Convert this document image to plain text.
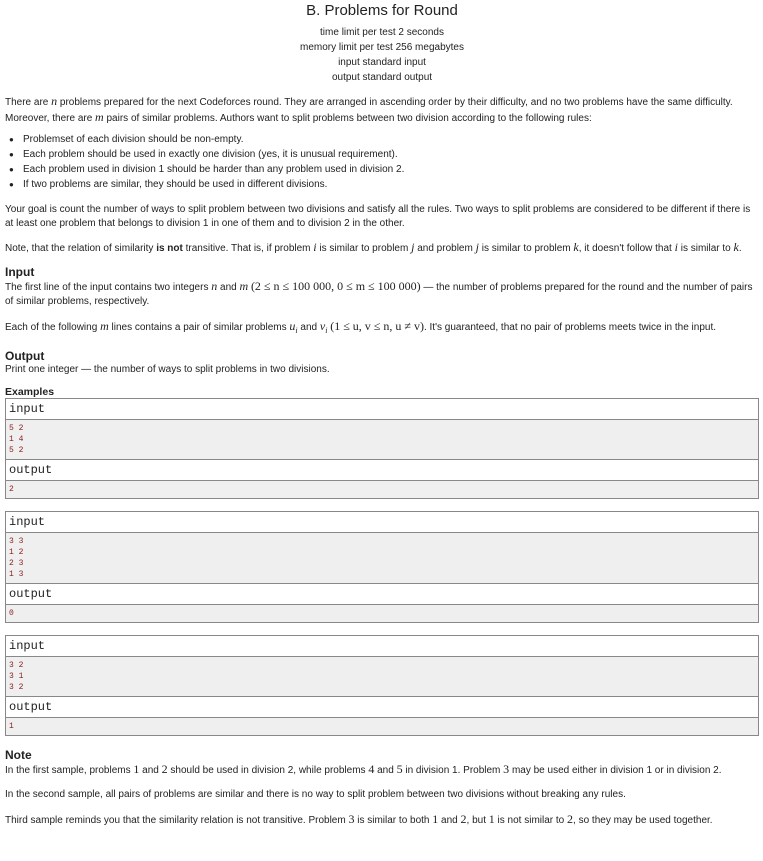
B. Problems for Round
time limit per test 2 seconds
memory limit per test 256 megabytes
input standard input
output standard output

There are n problems prepared for the next Codeforces round. They are arranged in ascending order by their difficulty, and no two problems have the same difficulty. Moreover, there are m pairs of similar problems. Authors want to split problems between two division according to the following rules:

● Problemset of each division should be non-empty.
● Each problem should be used in exactly one division (yes, it is unusual requirement).
● Each problem used in division 1 should be harder than any problem used in division 2.
● If two problems are similar, they should be used in different divisions.

Your goal is count the number of ways to split problem between two divisions and satisfy all the rules. Two ways to split problems are considered to be different if there is at least one problem that belongs to division 1 in one of them and to division 2 in the other.

Note, that the relation of similarity is not transitive. That is, if problem i is similar to problem j and problem j is similar to problem k, it doesn't follow that i is similar to k.

Input

The first line of the input contains two integers n and m (2 ≤ n ≤ 100 000, 0 ≤ m ≤ 100 000) — the number of problems prepared for the round and the number of pairs of similar problems, respectively.

Each of the following m lines contains a pair of similar problems $u_i$ and $v_i$ (1 ≤ u, v ≤ n, u ≠ v). It's guaranteed, that no pair of problems meets twice in the input.

Output

Print one integer — the number of ways to split problems in two divisions.

Examples
input
5 2
1 4
5 2
output
2
input
3 3
1 2
2 3
1 3
output
0
input
3 2
3 1
3 2
output
1
Note

In the first sample, problems 1 and 2 should be used in division 2, while problems 4 and 5 in division 1. Problem 3 may be used either in division 1 or in division 2.

In the second sample, all pairs of problems are similar and there is no way to split problem between two divisions without breaking any rules.

Third sample reminds you that the similarity relation is not transitive. Problem 3 is similar to both 1 and 2, but 1 is not similar to 2, so they may be used together.
